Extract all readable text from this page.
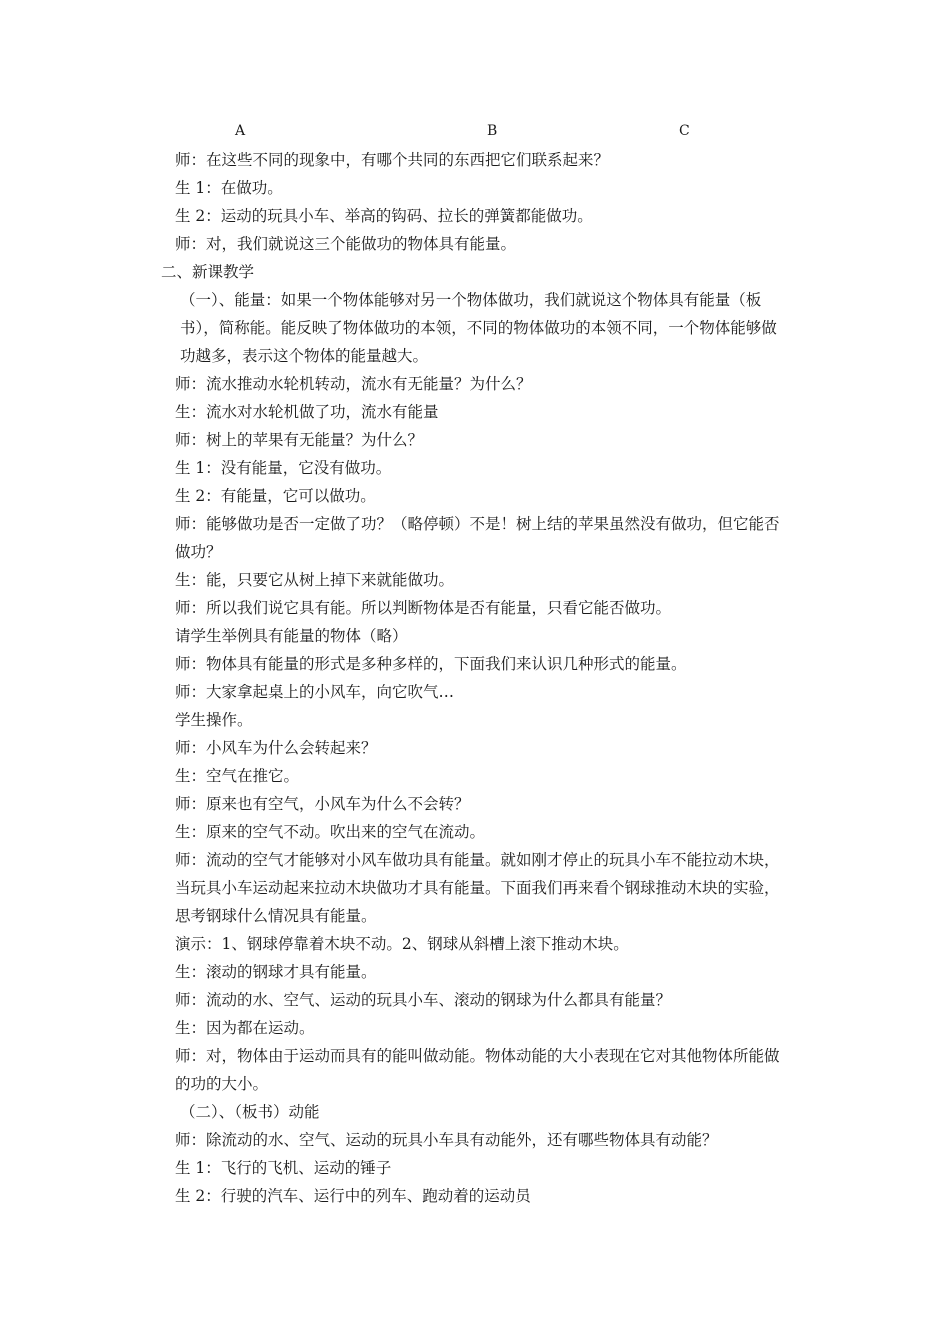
A	B	C

师：在这些不同的现象中，有哪个共同的东西把它们联系起来？

生 1：在做功。

生 2：运动的玩具小车、举高的钩码、拉长的弹簧都能做功。

师：对，我们就说这三个能做功的物体具有能量。

二、新课教学

（一）、能量：如果一个物体能够对另一个物体做功，我们就说这个物体具有能量（板书），简称能。能反映了物体做功的本领，不同的物体做功的本领不同，一个物体能够做功越多，表示这个物体的能量越大。

师：流水推动水轮机转动，流水有无能量？为什么？

生：流水对水轮机做了功，流水有能量

师：树上的苹果有无能量？为什么？

生 1：没有能量，它没有做功。

生 2：有能量，它可以做功。

师：能够做功是否一定做了功？（略停顿）不是！树上结的苹果虽然没有做功，但它能否做功？

生：能，只要它从树上掉下来就能做功。

师：所以我们说它具有能。所以判断物体是否有能量，只看它能否做功。

请学生举例具有能量的物体（略）

师：物体具有能量的形式是多种多样的，下面我们来认识几种形式的能量。

师：大家拿起桌上的小风车，向它吹气…

学生操作。

师：小风车为什么会转起来？

生：空气在推它。

师：原来也有空气，小风车为什么不会转？

生：原来的空气不动。吹出来的空气在流动。

师：流动的空气才能够对小风车做功具有能量。就如刚才停止的玩具小车不能拉动木块，当玩具小车运动起来拉动木块做功才具有能量。下面我们再来看个钢球推动木块的实验，思考钢球什么情况具有能量。

演示：1、钢球停靠着木块不动。2、钢球从斜槽上滚下推动木块。

生：滚动的钢球才具有能量。

师：流动的水、空气、运动的玩具小车、滚动的钢球为什么都具有能量？

生：因为都在运动。

师：对，物体由于运动而具有的能叫做动能。物体动能的大小表现在它对其他物体所能做的功的大小。

（二）、（板书）动能

师：除流动的水、空气、运动的玩具小车具有动能外，还有哪些物体具有动能？

生 1：飞行的飞机、运动的锤子

生 2：行驶的汽车、运行中的列车、跑动着的运动员
